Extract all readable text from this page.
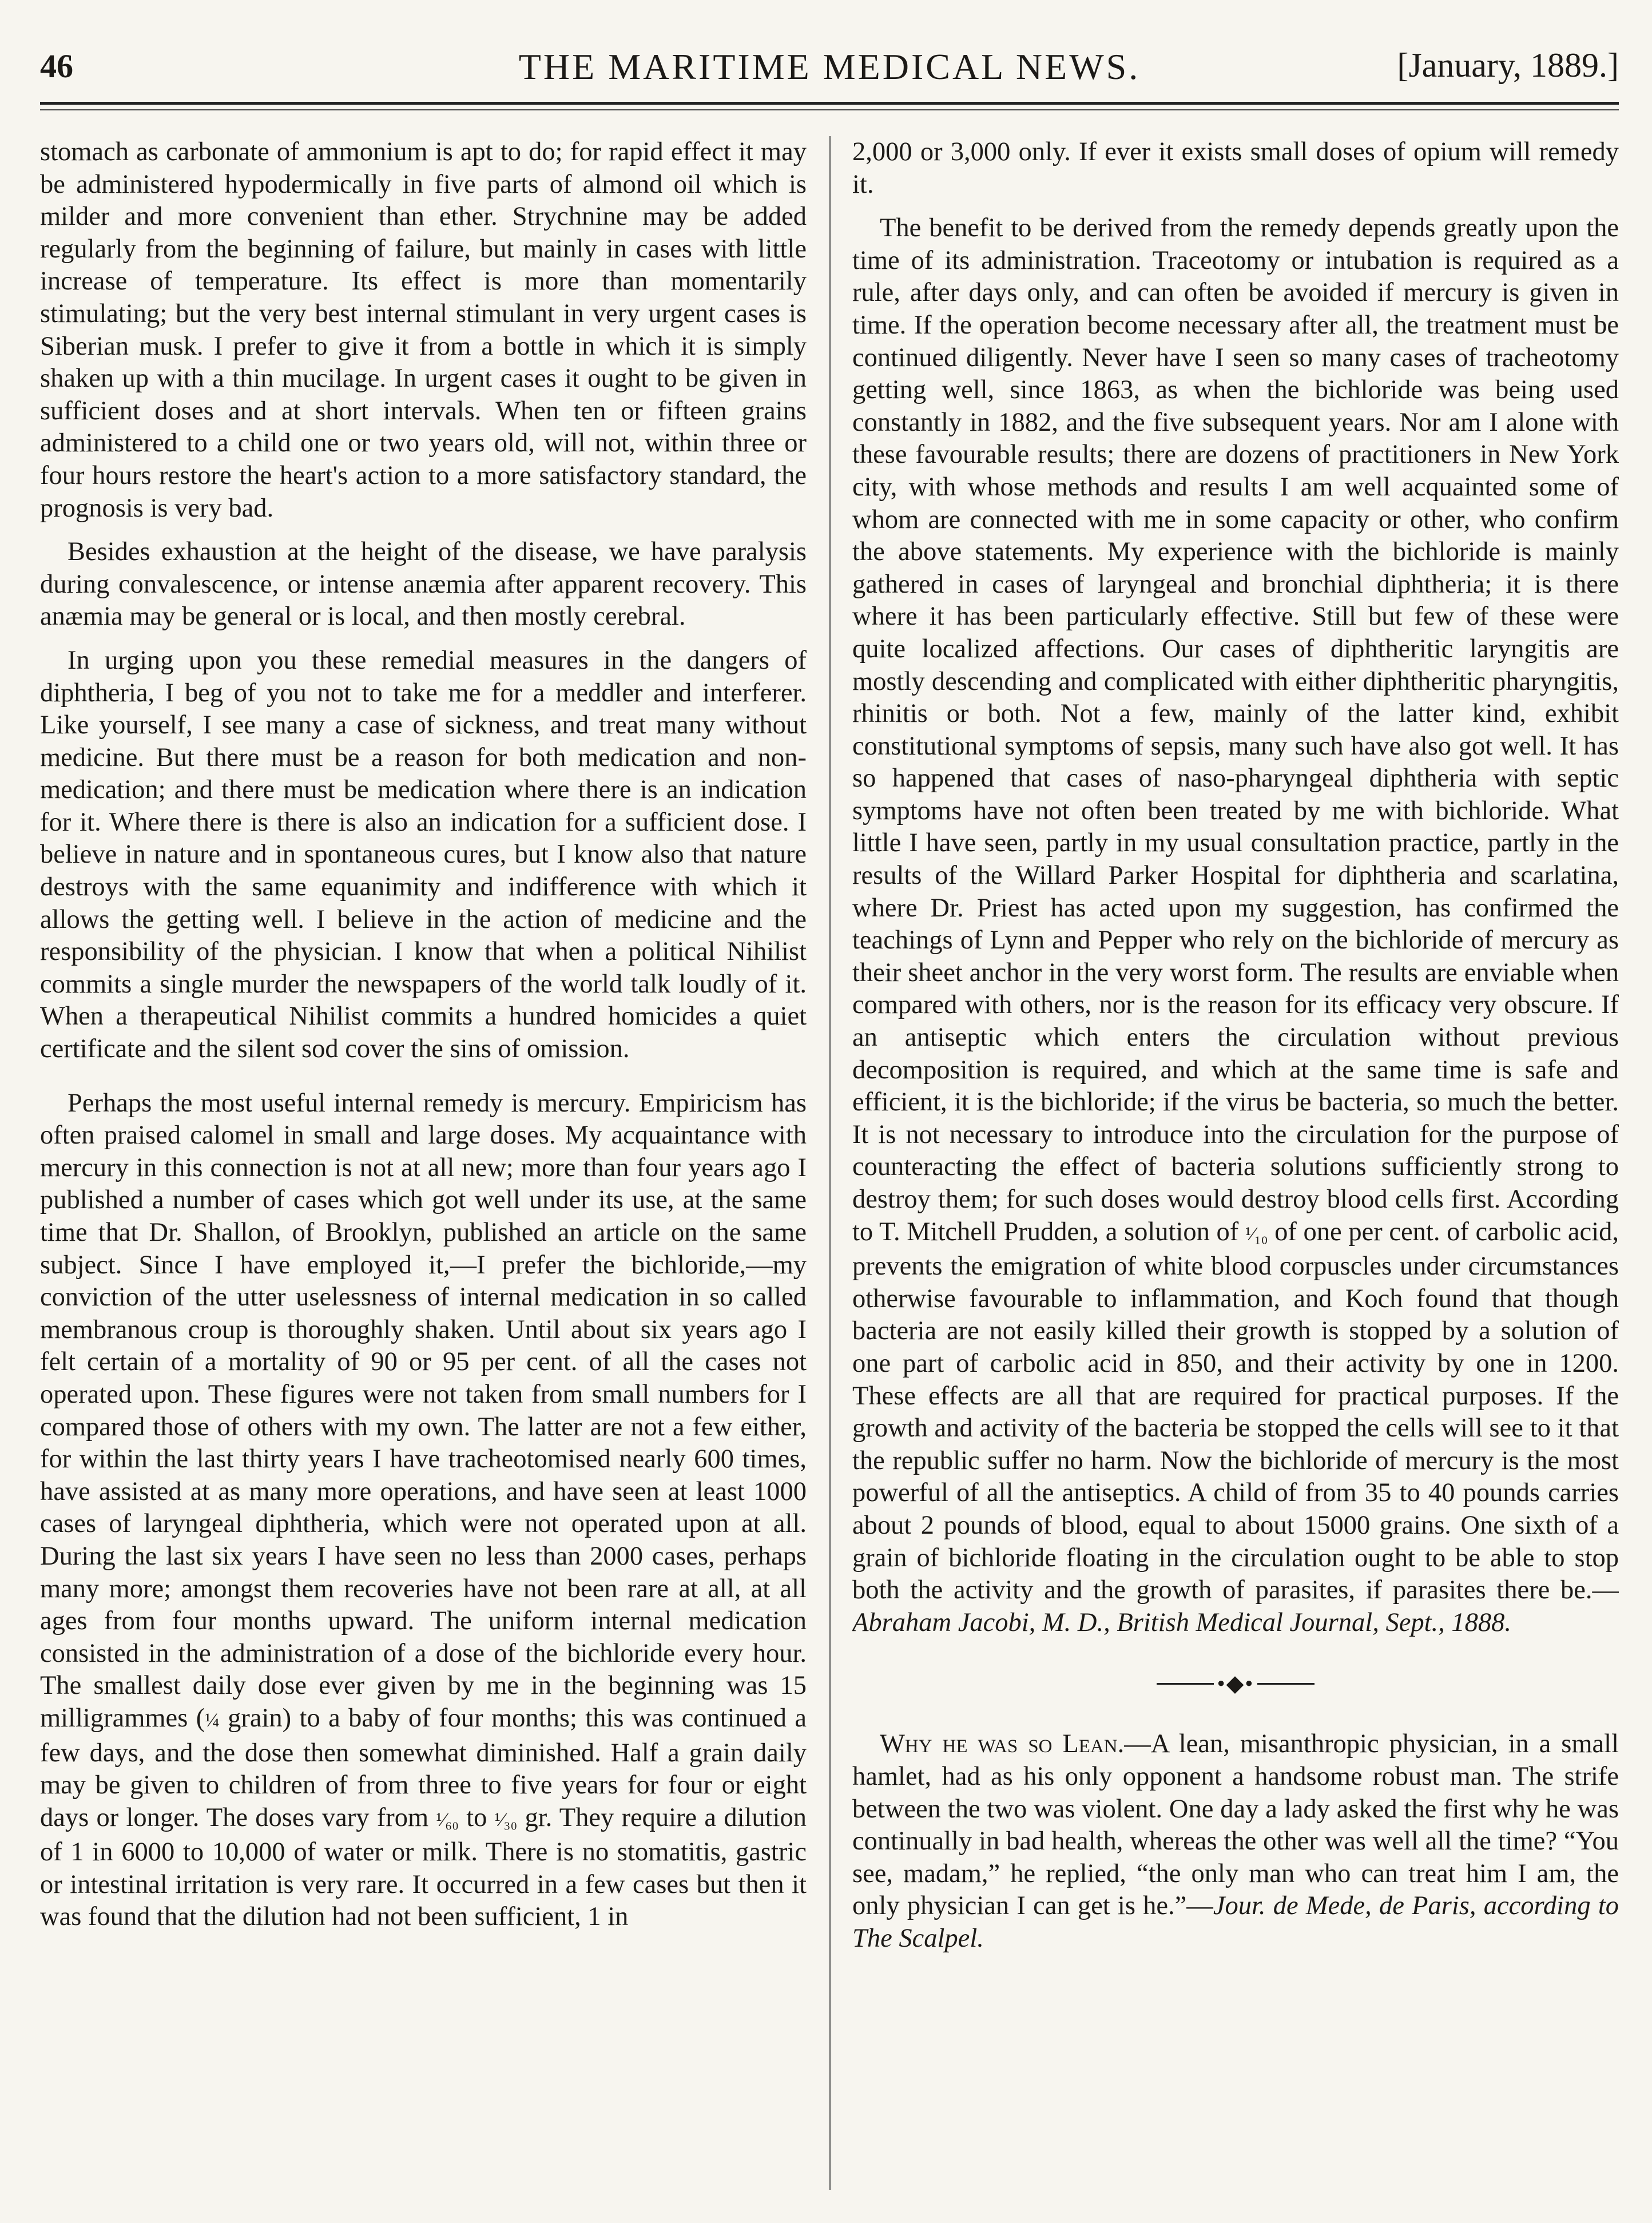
46	THE MARITIME MEDICAL NEWS.	[January, 1889.]

stomach as carbonate of ammonium is apt to do; for rapid effect it may be administered hypodermically in five parts of almond oil which is milder and more convenient than ether. Strychnine may be added regularly from the beginning of failure, but mainly in cases with little increase of temperature. Its effect is more than momentarily stimulating; but the very best internal stimulant in very urgent cases is Siberian musk. I prefer to give it from a bottle in which it is simply shaken up with a thin mucilage. In urgent cases it ought to be given in sufficient doses and at short intervals. When ten or fifteen grains administered to a child one or two years old, will not, within three or four hours restore the heart's action to a more satisfactory standard, the prognosis is very bad.

Besides exhaustion at the height of the disease, we have paralysis during convalescence, or intense anæmia after apparent recovery. This anæmia may be general or is local, and then mostly cerebral.

In urging upon you these remedial measures in the dangers of diphtheria, I beg of you not to take me for a meddler and interferer. Like yourself, I see many a case of sickness, and treat many without medicine. But there must be a reason for both medication and non-medication; and there must be medication where there is an indication for it. Where there is there is also an indication for a sufficient dose. I believe in nature and in spontaneous cures, but I know also that nature destroys with the same equanimity and indifference with which it allows the getting well. I believe in the action of medicine and the responsibility of the physician. I know that when a political Nihilist commits a single murder the newspapers of the world talk loudly of it. When a therapeutical Nihilist commits a hundred homicides a quiet certificate and the silent sod cover the sins of omission.

Perhaps the most useful internal remedy is mercury. Empiricism has often praised calomel in small and large doses. My acquaintance with mercury in this connection is not at all new; more than four years ago I published a number of cases which got well under its use, at the same time that Dr. Shallon, of Brooklyn, published an article on the same subject. Since I have employed it,—I prefer the bichloride,—my conviction of the utter uselessness of internal medication in so called membranous croup is thoroughly shaken. Until about six years ago I felt certain of a mortality of 90 or 95 per cent. of all the cases not operated upon. These figures were not taken from small numbers for I compared those of others with my own. The latter are not a few either, for within the last thirty years I have tracheotomised nearly 600 times, have assisted at as many more operations, and have seen at least 1000 cases of laryngeal diphtheria, which were not operated upon at all. During the last six years I have seen no less than 2000 cases, perhaps many more; amongst them recoveries have not been rare at all, at all ages from four months upward. The uniform internal medication consisted in the administration of a dose of the bichloride every hour. The smallest daily dose ever given by me in the beginning was 15 milligrammes (¼ grain) to a baby of four months; this was continued a few days, and the dose then somewhat diminished. Half a grain daily may be given to children of from three to five years for four or eight days or longer. The doses vary from ¹⁄₆₀ to ¹⁄₃₀ gr. They require a dilution of 1 in 6000 to 10,000 of water or milk. There is no stomatitis, gastric or intestinal irritation is very rare. It occurred in a few cases but then it was found that the dilution had not been sufficient, 1 in

2,000 or 3,000 only. If ever it exists small doses of opium will remedy it.

The benefit to be derived from the remedy depends greatly upon the time of its administration. Traceotomy or intubation is required as a rule, after days only, and can often be avoided if mercury is given in time. If the operation become necessary after all, the treatment must be continued diligently. Never have I seen so many cases of tracheotomy getting well, since 1863, as when the bichloride was being used constantly in 1882, and the five subsequent years. Nor am I alone with these favourable results; there are dozens of practitioners in New York city, with whose methods and results I am well acquainted some of whom are connected with me in some capacity or other, who confirm the above statements. My experience with the bichloride is mainly gathered in cases of laryngeal and bronchial diphtheria; it is there where it has been particularly effective. Still but few of these were quite localized affections. Our cases of diphtheritic laryngitis are mostly descending and complicated with either diphtheritic pharyngitis, rhinitis or both. Not a few, mainly of the latter kind, exhibit constitutional symptoms of sepsis, many such have also got well. It has so happened that cases of naso-pharyngeal diphtheria with septic symptoms have not often been treated by me with bichloride. What little I have seen, partly in my usual consultation practice, partly in the results of the Willard Parker Hospital for diphtheria and scarlatina, where Dr. Priest has acted upon my suggestion, has confirmed the teachings of Lynn and Pepper who rely on the bichloride of mercury as their sheet anchor in the very worst form. The results are enviable when compared with others, nor is the reason for its efficacy very obscure. If an antiseptic which enters the circulation without previous decomposition is required, and which at the same time is safe and efficient, it is the bichloride; if the virus be bacteria, so much the better. It is not necessary to introduce into the circulation for the purpose of counteracting the effect of bacteria solutions sufficiently strong to destroy them; for such doses would destroy blood cells first. According to T. Mitchell Prudden, a solution of ¹⁄₁₀ of one per cent. of carbolic acid, prevents the emigration of white blood corpuscles under circumstances otherwise favourable to inflammation, and Koch found that though bacteria are not easily killed their growth is stopped by a solution of one part of carbolic acid in 850, and their activity by one in 1200. These effects are all that are required for practical purposes. If the growth and activity of the bacteria be stopped the cells will see to it that the republic suffer no harm. Now the bichloride of mercury is the most powerful of all the antiseptics. A child of from 35 to 40 pounds carries about 2 pounds of blood, equal to about 15000 grains. One sixth of a grain of bichloride floating in the circulation ought to be able to stop both the activity and the growth of parasites, if parasites there be.—Abraham Jacobi, M. D., British Medical Journal, Sept., 1888.

•◆•

Why he was so Lean.—A lean, misanthropic physician, in a small hamlet, had as his only opponent a handsome robust man. The strife between the two was violent. One day a lady asked the first why he was continually in bad health, whereas the other was well all the time? “You see, madam,” he replied, “the only man who can treat him I am, the only physician I can get is he.”—Jour. de Mede, de Paris, according to The Scalpel.
